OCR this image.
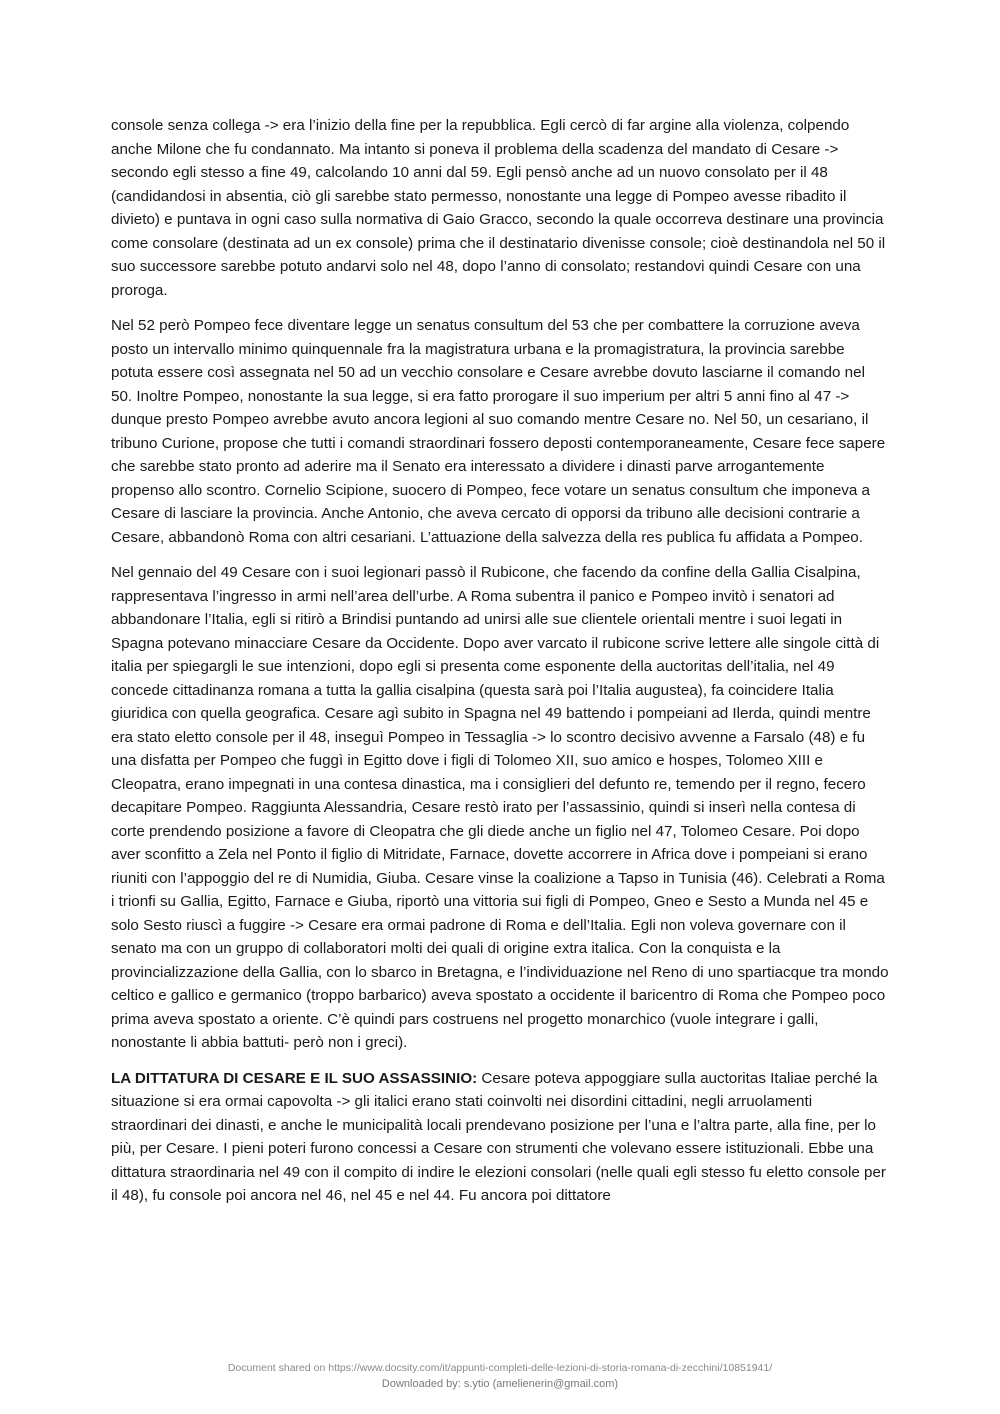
console senza collega -> era l’inizio della fine per la repubblica. Egli cercò di far argine alla violenza, colpendo anche Milone che fu condannato. Ma intanto si poneva il problema della scadenza del mandato di Cesare -> secondo egli stesso a fine 49, calcolando 10 anni dal 59. Egli pensò anche ad un nuovo consolato per il 48 (candidandosi in absentia, ciò gli sarebbe stato permesso, nonostante una legge di Pompeo avesse ribadito il divieto) e puntava in ogni caso sulla normativa di Gaio Gracco, secondo la quale occorreva destinare una provincia come consolare (destinata ad un ex console) prima che il destinatario divenisse console; cioè destinandola nel 50 il suo successore sarebbe potuto andarvi solo nel 48, dopo l’anno di consolato; restandovi quindi Cesare con una proroga.

Nel 52 però Pompeo fece diventare legge un senatus consultum del 53 che per combattere la corruzione aveva posto un intervallo minimo quinquennale fra la magistratura urbana e la promagistratura, la provincia sarebbe potuta essere così assegnata nel 50 ad un vecchio consolare e Cesare avrebbe dovuto lasciarne il comando nel 50. Inoltre Pompeo, nonostante la sua legge, si era fatto prorogare il suo imperium per altri 5 anni fino al 47 -> dunque presto Pompeo avrebbe avuto ancora legioni al suo comando mentre Cesare no. Nel 50, un cesariano, il tribuno Curione, propose che tutti i comandi straordinari fossero deposti contemporaneamente, Cesare fece sapere che sarebbe stato pronto ad aderire ma il Senato era interessato a dividere i dinasti parve arrogantemente propenso allo scontro. Cornelio Scipione, suocero di Pompeo, fece votare un senatus consultum che imponeva a Cesare di lasciare la provincia. Anche Antonio, che aveva cercato di opporsi da tribuno alle decisioni contrarie a Cesare, abbandonò Roma con altri cesariani. L’attuazione della salvezza della res publica fu affidata a Pompeo.

Nel gennaio del 49 Cesare con i suoi legionari passò il Rubicone, che facendo da confine della Gallia Cisalpina, rappresentava l’ingresso in armi nell’area dell’urbe. A Roma subentra il panico e Pompeo invitò i senatori ad abbandonare l’Italia, egli si ritirò a Brindisi puntando ad unirsi alle sue clientele orientali mentre i suoi legati in Spagna potevano minacciare Cesare da Occidente. Dopo aver varcato il rubicone scrive lettere alle singole città di italia per spiegargli le sue intenzioni, dopo egli si presenta come esponente della auctoritas dell’italia, nel 49 concede cittadinanza romana a tutta la gallia cisalpina (questa sarà poi l’Italia augustea), fa coincidere Italia giuridica con quella geografica. Cesare agì subito in Spagna nel 49 battendo i pompeiani ad Ilerda, quindi mentre era stato eletto console per il 48, inseguì Pompeo in Tessaglia -> lo scontro decisivo avvenne a Farsalo (48) e fu una disfatta per Pompeo che fuggì in Egitto dove i figli di Tolomeo XII, suo amico e hospes, Tolomeo XIII e Cleopatra, erano impegnati in una contesa dinastica, ma i consiglieri del defunto re, temendo per il regno, fecero decapitare Pompeo. Raggiunta Alessandria, Cesare restò irato per l’assassinio, quindi si inserì nella contesa di corte prendendo posizione a favore di Cleopatra che gli diede anche un figlio nel 47, Tolomeo Cesare. Poi dopo aver sconfitto a Zela nel Ponto il figlio di Mitridate, Farnace, dovette accorrere in Africa dove i pompeiani si erano riuniti con l’appoggio del re di Numidia, Giuba. Cesare vinse la coalizione a Tapso in Tunisia (46). Celebrati a Roma i trionfi su Gallia, Egitto, Farnace e Giuba, riportò una vittoria sui figli di Pompeo, Gneo e Sesto a Munda nel 45 e solo Sesto riuscì a fuggire -> Cesare era ormai padrone di Roma e dell’Italia. Egli non voleva governare con il senato ma con un gruppo di collaboratori molti dei quali di origine extra italica. Con la conquista e la provincializzazione della Gallia, con lo sbarco in Bretagna, e l’individuazione nel Reno di uno spartiacque tra mondo celtico e gallico e germanico (troppo barbarico) aveva spostato a occidente il baricentro di Roma che Pompeo poco prima aveva spostato a oriente. C’è quindi pars costruens nel progetto monarchico (vuole integrare i galli, nonostante li abbia battuti- però non i greci).

LA DITTATURA DI CESARE E IL SUO ASSASSINIO: Cesare poteva appoggiare sulla auctoritas Italiae perché la situazione si era ormai capovolta -> gli italici erano stati coinvolti nei disordini cittadini, negli arruolamenti straordinari dei dinasti, e anche le municipalità locali prendevano posizione per l’una e l’altra parte, alla fine, per lo più, per Cesare. I pieni poteri furono concessi a Cesare con strumenti che volevano essere istituzionali. Ebbe una dittatura straordinaria nel 49 con il compito di indire le elezioni consolari (nelle quali egli stesso fu eletto console per il 48), fu console poi ancora nel 46, nel 45 e nel 44. Fu ancora poi dittatore

Document shared on https://www.docsity.com/it/appunti-completi-delle-lezioni-di-storia-romana-di-zecchini/10851941/
Downloaded by: s.ytio (amelienerin@gmail.com)
